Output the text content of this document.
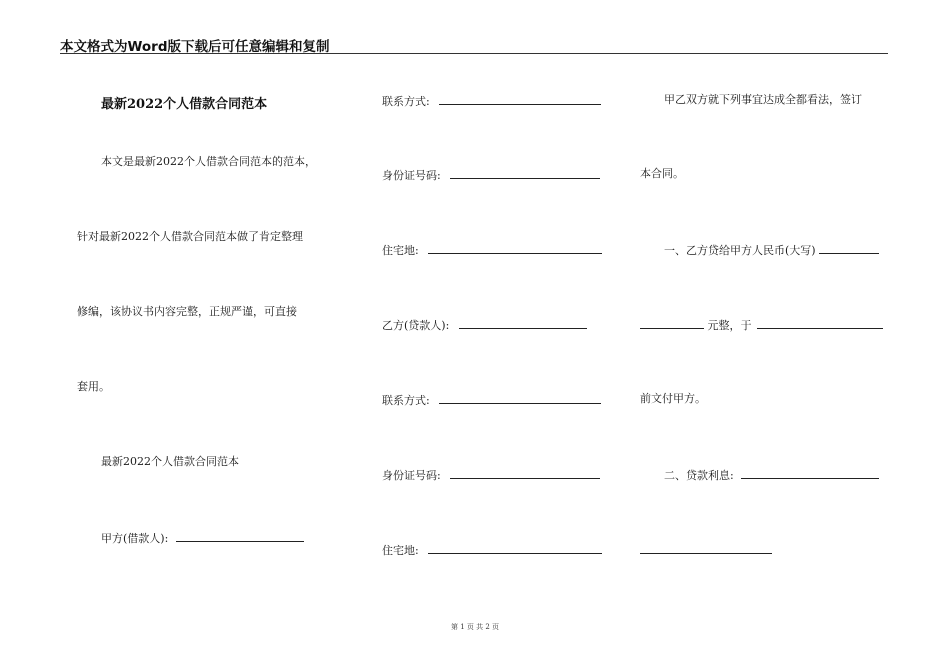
本文格式为Word版下载后可任意编辑和复制
最新2022个人借款合同范本
本文是最新2022个人借款合同范本的范本，
针对最新2022个人借款合同范本做了肯定整理
修编，该协议书内容完整，正规严谨，可直接
套用。
最新2022个人借款合同范本
甲方(借款人):
联系方式:
身份证号码:
住宅地:
乙方(贷款人):
联系方式:
身份证号码:
住宅地:
甲乙双方就下列事宜达成全都看法，签订
本合同。
一、乙方贷给甲方人民币(大写)
元整，于
前文付甲方。
二、贷款利息:
第 1 页 共 2 页
